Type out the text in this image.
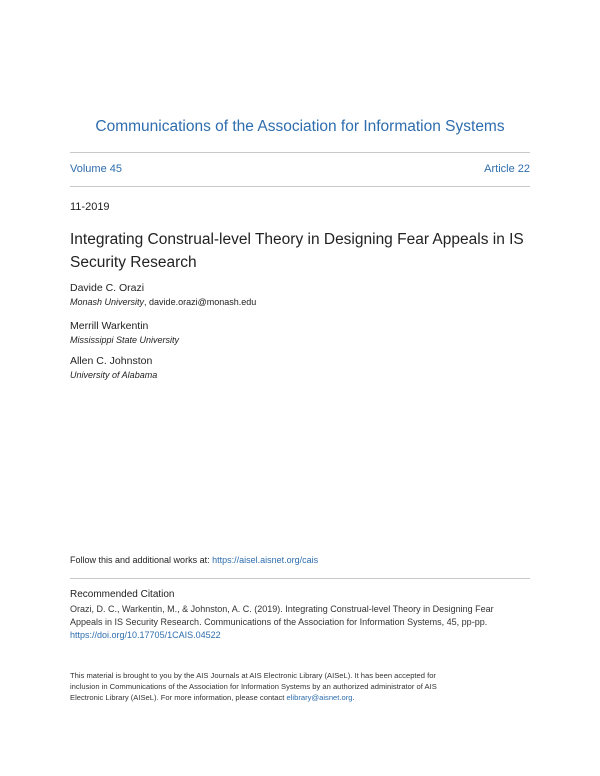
Communications of the Association for Information Systems
Volume 45	Article 22
11-2019
Integrating Construal-level Theory in Designing Fear Appeals in IS
Security Research
Davide C. Orazi
Monash University, davide.orazi@monash.edu
Merrill Warkentin
Mississippi State University
Allen C. Johnston
University of Alabama
Follow this and additional works at: https://aisel.aisnet.org/cais
Recommended Citation
Orazi, D. C., Warkentin, M., & Johnston, A. C. (2019). Integrating Construal-level Theory in Designing Fear
Appeals in IS Security Research. Communications of the Association for Information Systems, 45, pp-pp.
https://doi.org/10.17705/1CAIS.04522
This material is brought to you by the AIS Journals at AIS Electronic Library (AISeL). It has been accepted for
inclusion in Communications of the Association for Information Systems by an authorized administrator of AIS
Electronic Library (AISeL). For more information, please contact elibrary@aisnet.org.
